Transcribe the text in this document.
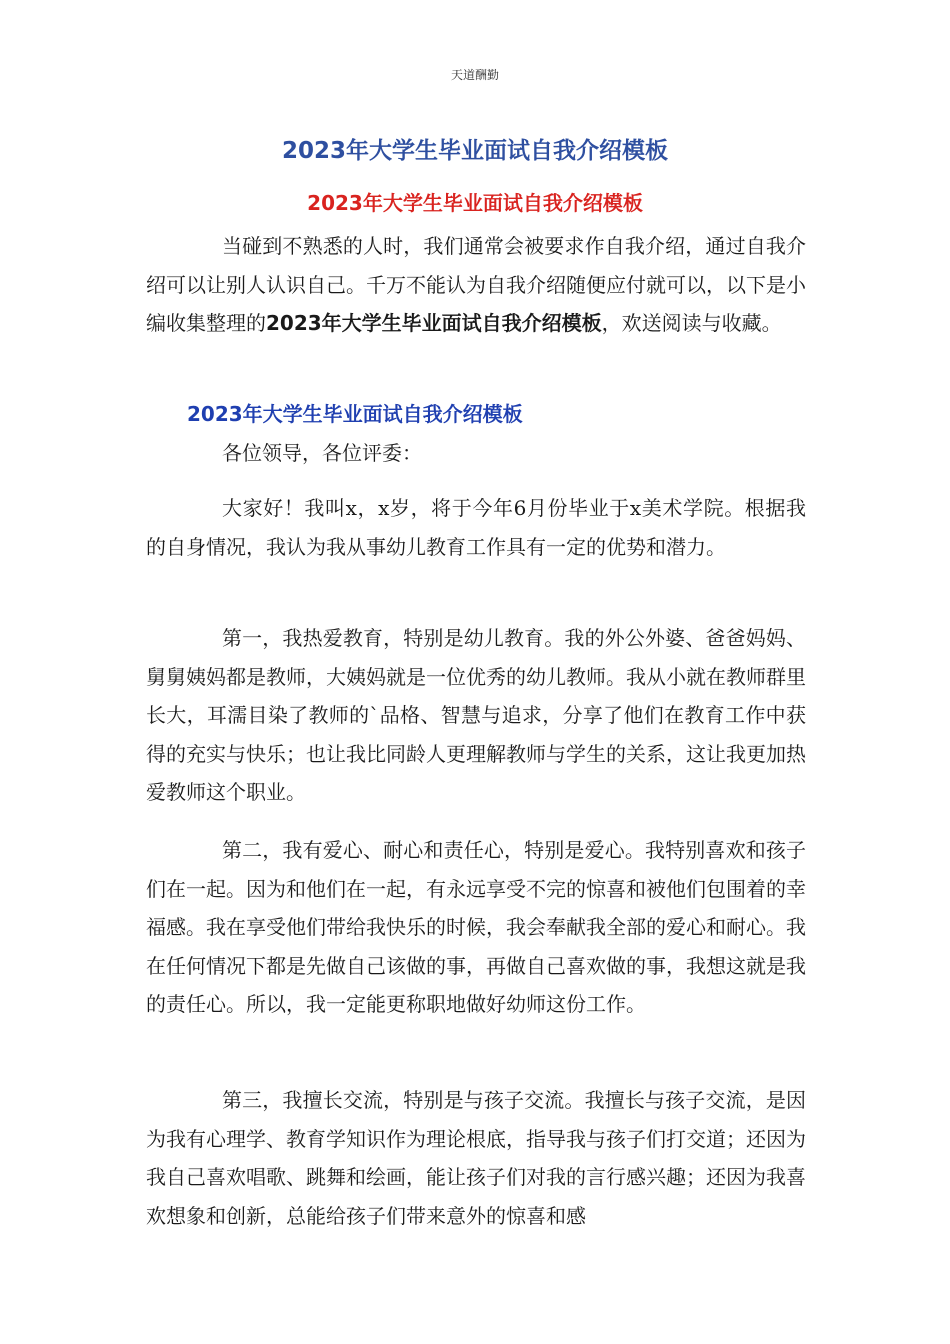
天道酬勤
2023年大学生毕业面试自我介绍模板
2023年大学生毕业面试自我介绍模板

当碰到不熟悉的人时，我们通常会被要求作自我介绍，通过自我介绍可以让别人认识自己。千万不能认为自我介绍随便应付就可以，以下是小编收集整理的2023年大学生毕业面试自我介绍模板，欢送阅读与收藏。

2023年大学生毕业面试自我介绍模板

各位领导，各位评委：

大家好！我叫x，x岁，将于今年6月份毕业于x美术学院。根据我的自身情况，我认为我从事幼儿教育工作具有一定的优势和潜力。

第一，我热爱教育，特别是幼儿教育。我的外公外婆、爸爸妈妈、舅舅姨妈都是教师，大姨妈就是一位优秀的幼儿教师。我从小就在教师群里长大，耳濡目染了教师的`品格、智慧与追求，分享了他们在教育工作中获得的充实与快乐；也让我比同龄人更理解教师与学生的关系，这让我更加热爱教师这个职业。

第二，我有爱心、耐心和责任心，特别是爱心。我特别喜欢和孩子们在一起。因为和他们在一起，有永远享受不完的惊喜和被他们包围着的幸福感。我在享受他们带给我快乐的时候，我会奉献我全部的爱心和耐心。我在任何情况下都是先做自己该做的事，再做自己喜欢做的事，我想这就是我的责任心。所以，我一定能更称职地做好幼师这份工作。

第三，我擅长交流，特别是与孩子交流。我擅长与孩子交流，是因为我有心理学、教育学知识作为理论根底，指导我与孩子们打交道；还因为我自己喜欢唱歌、跳舞和绘画，能让孩子们对我的言行感兴趣；还因为我喜欢想象和创新，总能给孩子们带来意外的惊喜和感
